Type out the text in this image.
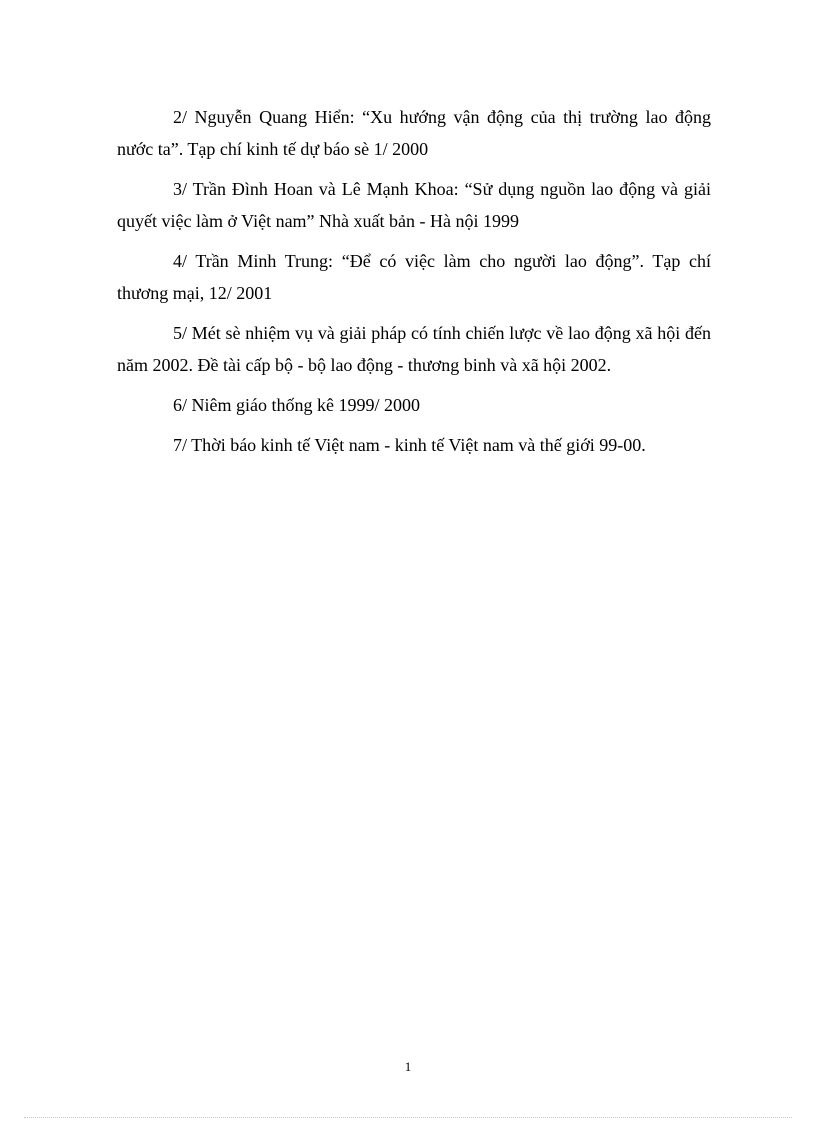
2/ Nguyễn Quang Hiển: “Xu hướng vận động của thị trường lao động nước ta”. Tạp chí kinh tế dự báo sè 1/ 2000

3/ Trần Đình Hoan và Lê Mạnh Khoa: “Sử dụng nguồn lao động và giải quyết việc làm ở Việt nam” Nhà xuất bản - Hà nội 1999

4/ Trần Minh Trung: “Để có việc làm cho người lao động”. Tạp chí thương mại, 12/ 2001

5/ Mét sè nhiệm vụ và giải pháp có tính chiến lược về lao động xã hội đến năm 2002. Đề tài cấp bộ - bộ lao động - thương binh và xã hội 2002.

6/ Niêm giáo thống kê 1999/ 2000

7/ Thời báo kinh tế Việt nam - kinh tế Việt nam và thế giới 99-00.

1
